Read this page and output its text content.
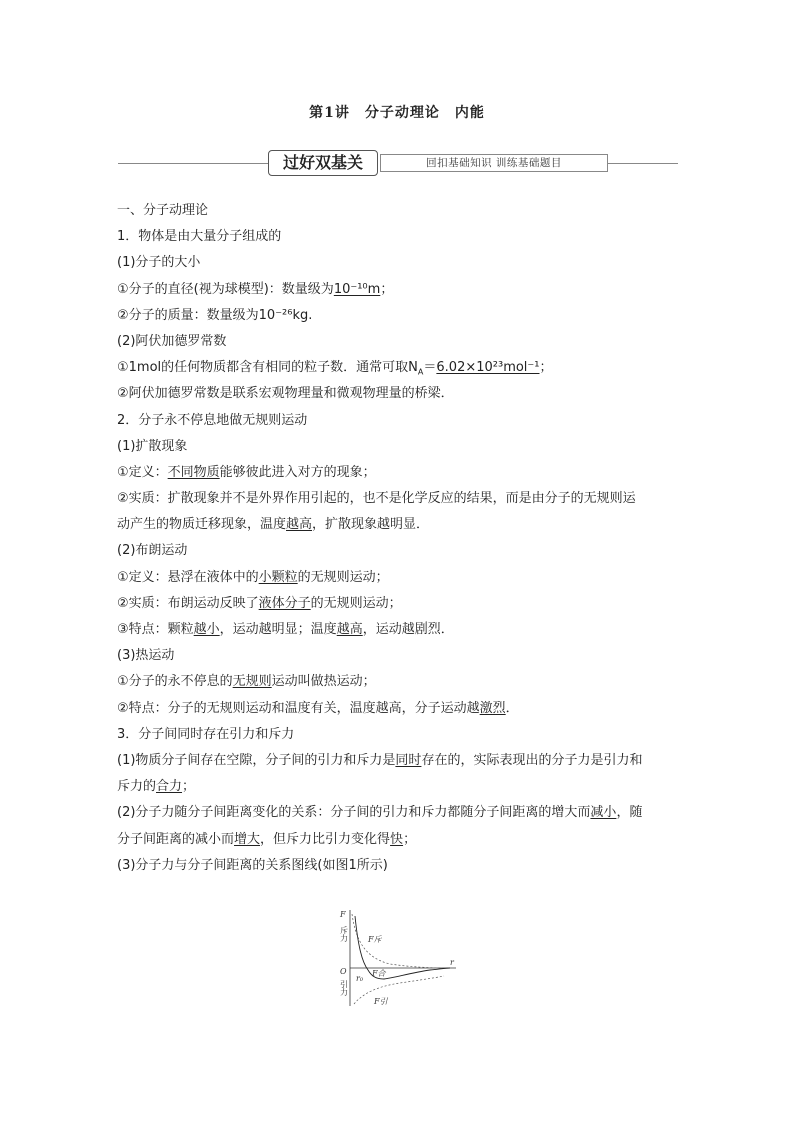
第1讲　分子动理论　内能
过好双基关	回扣基础知识 训练基础题目
一、分子动理论
1．物体是由大量分子组成的
(1)分子的大小
①分子的直径(视为球模型)：数量级为10⁻¹⁰m；
②分子的质量：数量级为10⁻²⁶kg.
(2)阿伏加德罗常数
①1mol的任何物质都含有相同的粒子数．通常可取$N_A=6.02\times 10^{23}mol^{-1}$；
②阿伏加德罗常数是联系宏观物理量和微观物理量的桥梁．
2．分子永不停息地做无规则运动
(1)扩散现象
①定义：不同物质能够彼此进入对方的现象；
②实质：扩散现象并不是外界作用引起的，也不是化学反应的结果，而是由分子的无规则运
动产生的物质迁移现象，温度越高，扩散现象越明显．
(2)布朗运动
①定义：悬浮在液体中的小颗粒的无规则运动；
②实质：布朗运动反映了液体分子的无规则运动；
③特点：颗粒越小，运动越明显；温度越高，运动越剧烈．
(3)热运动
①分子的永不停息的无规则运动叫做热运动；
②特点：分子的无规则运动和温度有关，温度越高，分子运动越激烈．
3．分子间同时存在引力和斥力
(1)物质分子间存在空隙，分子间的引力和斥力是同时存在的，实际表现出的分子力是引力和
斥力的合力；
(2)分子力随分子间距离变化的关系：分子间的引力和斥力都随分子间距离的增大而减小，随
分子间距离的减小而增大，但斥力比引力变化得快；
(3)分子力与分子间距离的关系图线(如图1所示)
F
r
O
r₀
斥力
引力
F斥
F合
F引
